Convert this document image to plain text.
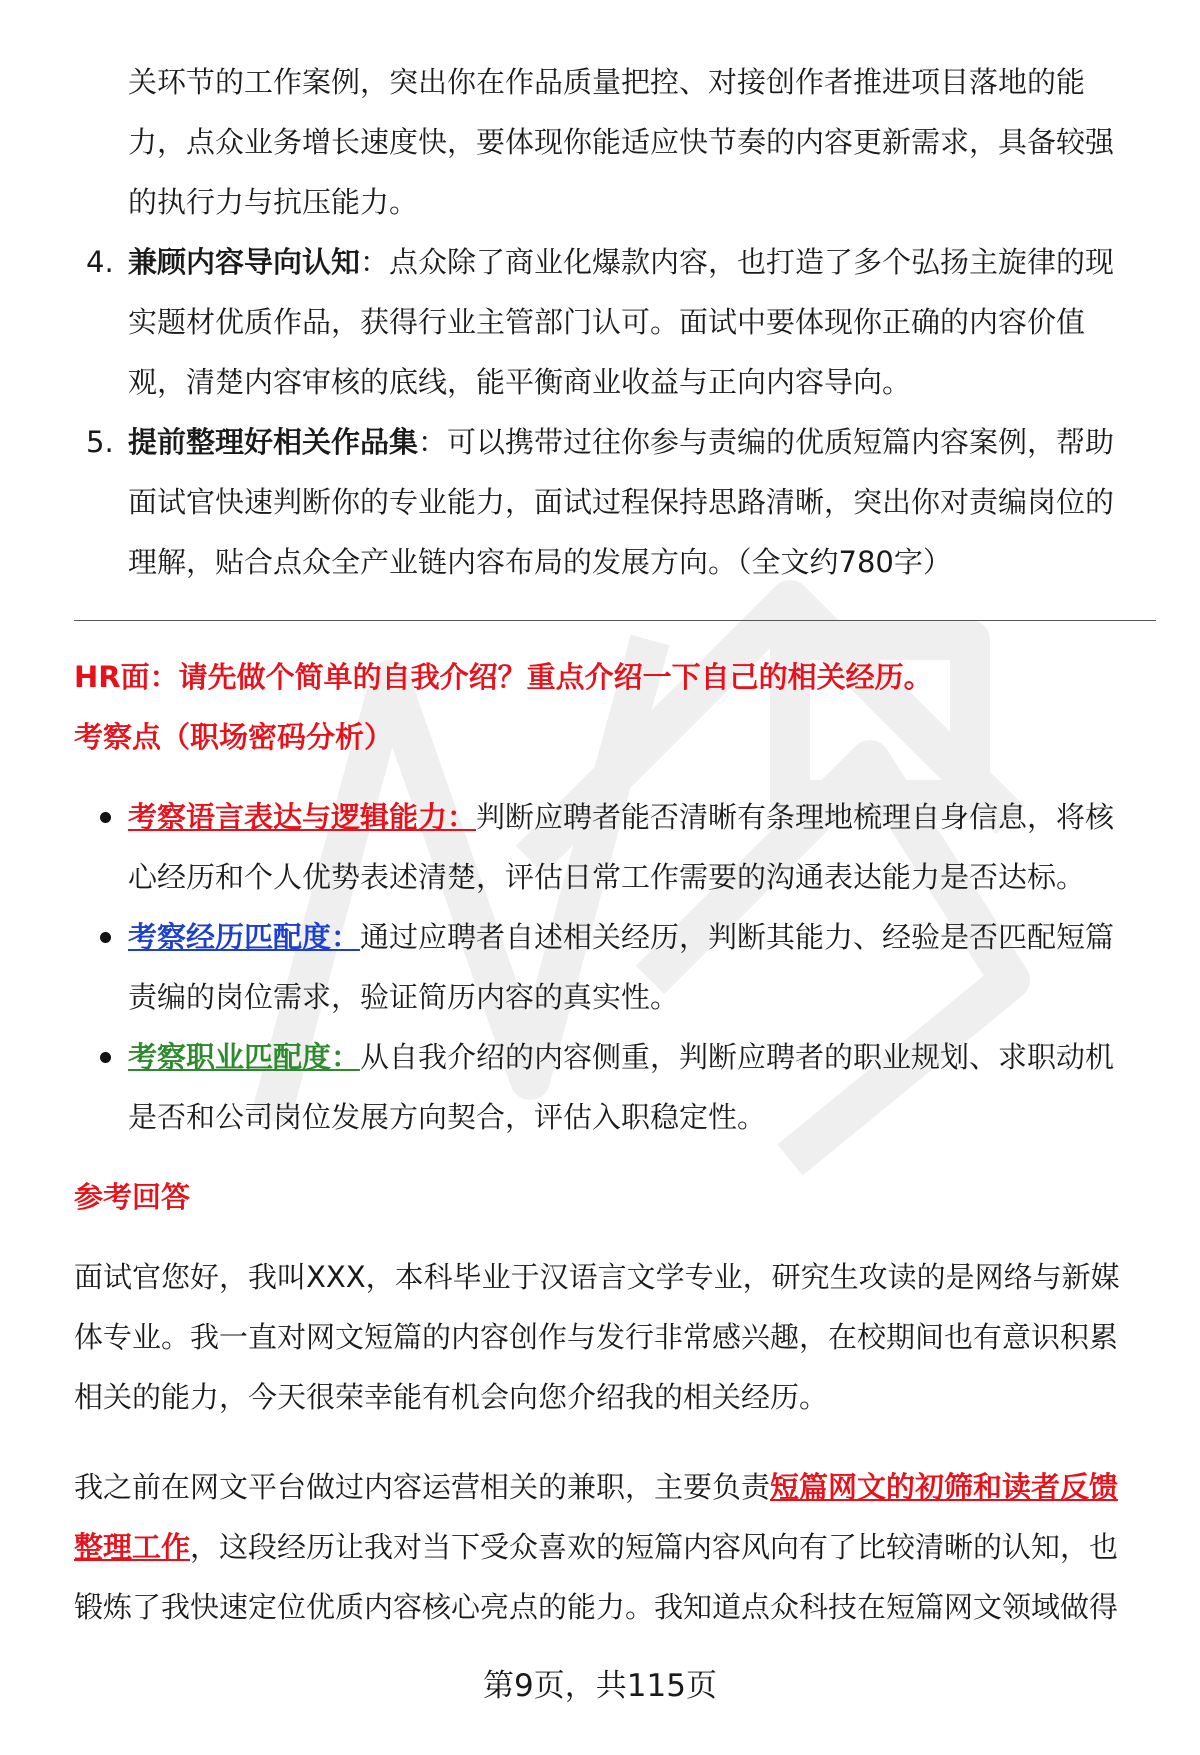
关环节的工作案例，突出你在作品质量把控、对接创作者推进项目落地的能

力，点众业务增长速度快，要体现你能适应快节奏的内容更新需求，具备较强

的执行力与抗压能力。

4. 兼顾内容导向认知：点众除了商业化爆款内容，也打造了多个弘扬主旋律的现

实题材优质作品，获得行业主管部门认可。面试中要体现你正确的内容价值

观，清楚内容审核的底线，能平衡商业收益与正向内容导向。

5. 提前整理好相关作品集：可以携带过往你参与责编的优质短篇内容案例，帮助

面试官快速判断你的专业能力，面试过程保持思路清晰，突出你对责编岗位的

理解，贴合点众全产业链内容布局的发展方向。（全文约780字）

HR面：请先做个简单的自我介绍？重点介绍一下自己的相关经历。

考察点（职场密码分析）

考察语言表达与逻辑能力：判断应聘者能否清晰有条理地梳理自身信息，将核

心经历和个人优势表述清楚，评估日常工作需要的沟通表达能力是否达标。

考察经历匹配度：通过应聘者自述相关经历，判断其能力、经验是否匹配短篇

责编的岗位需求，验证简历内容的真实性。

考察职业匹配度：从自我介绍的内容侧重，判断应聘者的职业规划、求职动机

是否和公司岗位发展方向契合，评估入职稳定性。

参考回答

面试官您好，我叫XXX，本科毕业于汉语言文学专业，研究生攻读的是网络与新媒

体专业。我一直对网文短篇的内容创作与发行非常感兴趣，在校期间也有意识积累

相关的能力，今天很荣幸能有机会向您介绍我的相关经历。

我之前在网文平台做过内容运营相关的兼职，主要负责短篇网文的初筛和读者反馈

整理工作，这段经历让我对当下受众喜欢的短篇内容风向有了比较清晰的认知，也

锻炼了我快速定位优质内容核心亮点的能力。我知道点众科技在短篇网文领域做得

第9页，共115页
